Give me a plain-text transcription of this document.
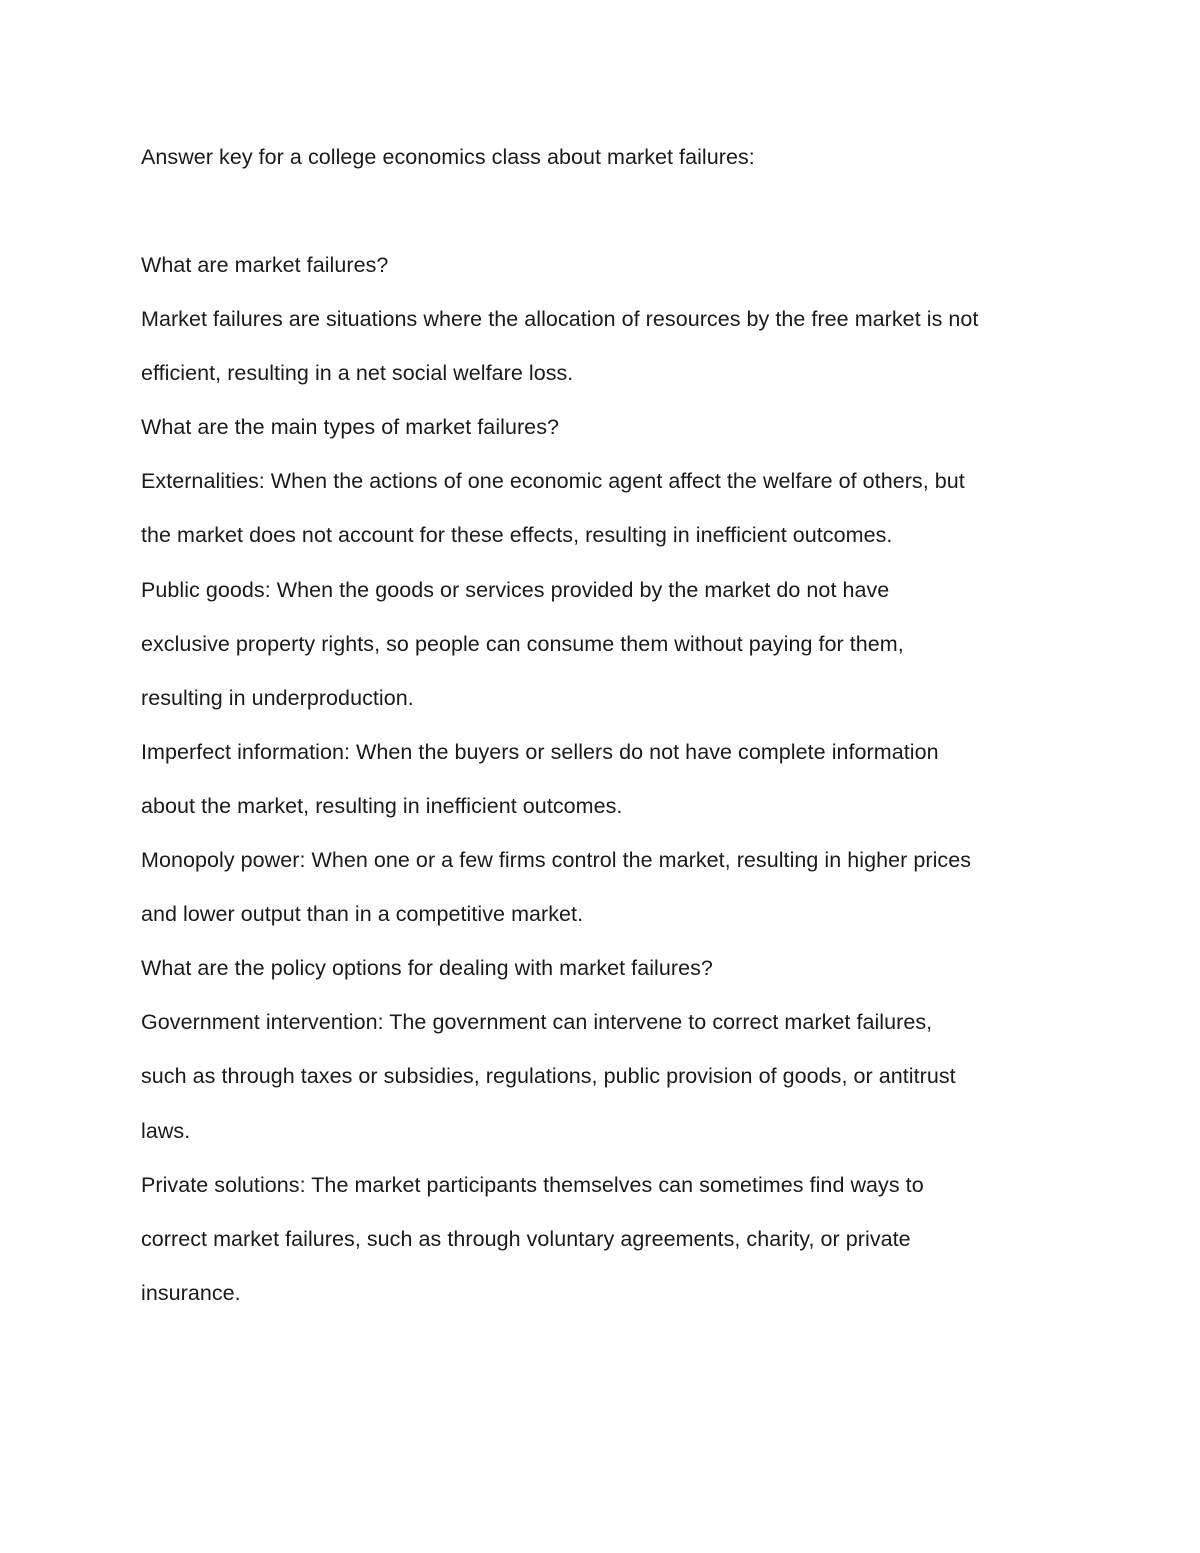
Answer key for a college economics class about market failures:

What are market failures?

Market failures are situations where the allocation of resources by the free market is not

efficient, resulting in a net social welfare loss.

What are the main types of market failures?

Externalities: When the actions of one economic agent affect the welfare of others, but

the market does not account for these effects, resulting in inefficient outcomes.

Public goods: When the goods or services provided by the market do not have

exclusive property rights, so people can consume them without paying for them,

resulting in underproduction.

Imperfect information: When the buyers or sellers do not have complete information

about the market, resulting in inefficient outcomes.

Monopoly power: When one or a few firms control the market, resulting in higher prices

and lower output than in a competitive market.

What are the policy options for dealing with market failures?

Government intervention: The government can intervene to correct market failures,

such as through taxes or subsidies, regulations, public provision of goods, or antitrust

laws.

Private solutions: The market participants themselves can sometimes find ways to

correct market failures, such as through voluntary agreements, charity, or private

insurance.
